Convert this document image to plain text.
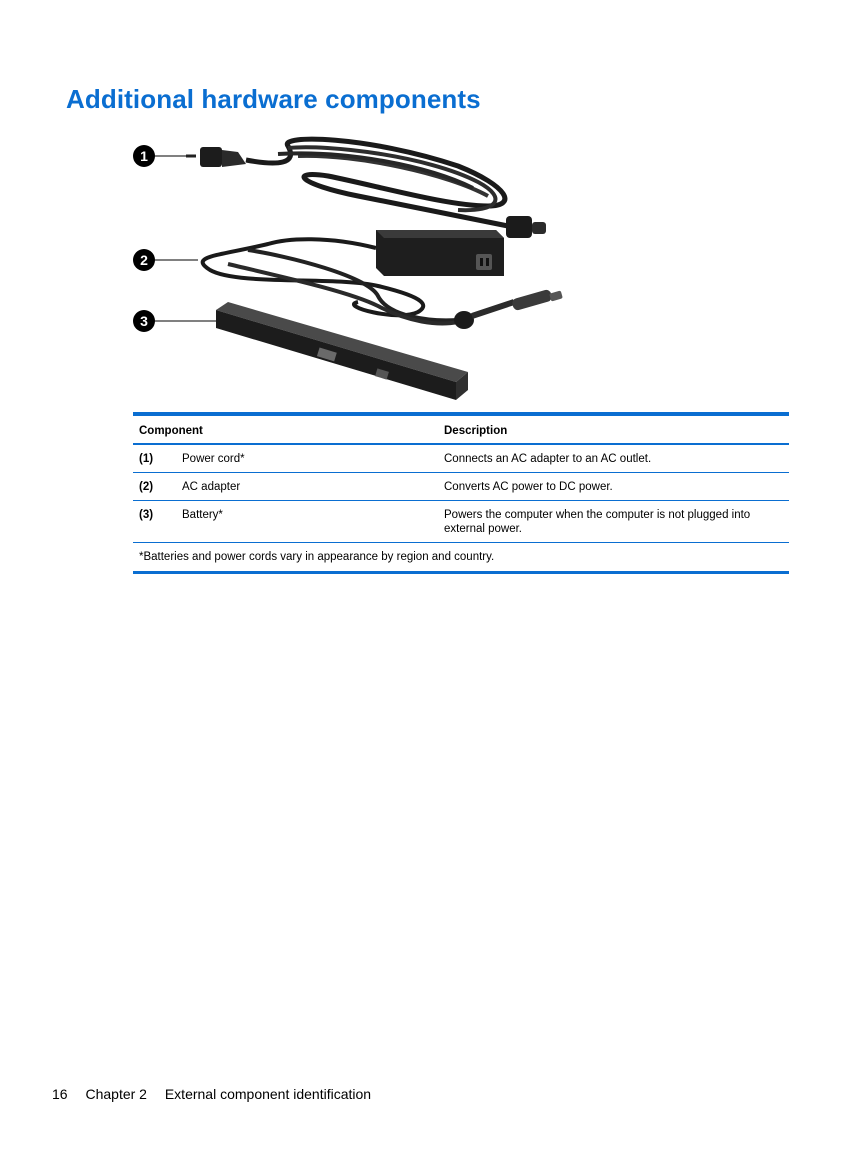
Additional hardware components
1
2
3

Component		Description
(1)	Power cord*	Connects an AC adapter to an AC outlet.
(2)	AC adapter	Converts AC power to DC power.
(3)	Battery*	Powers the computer when the computer is not plugged into external power.
*Batteries and power cords vary in appearance by region and country.		
16 Chapter 2 External component identification
